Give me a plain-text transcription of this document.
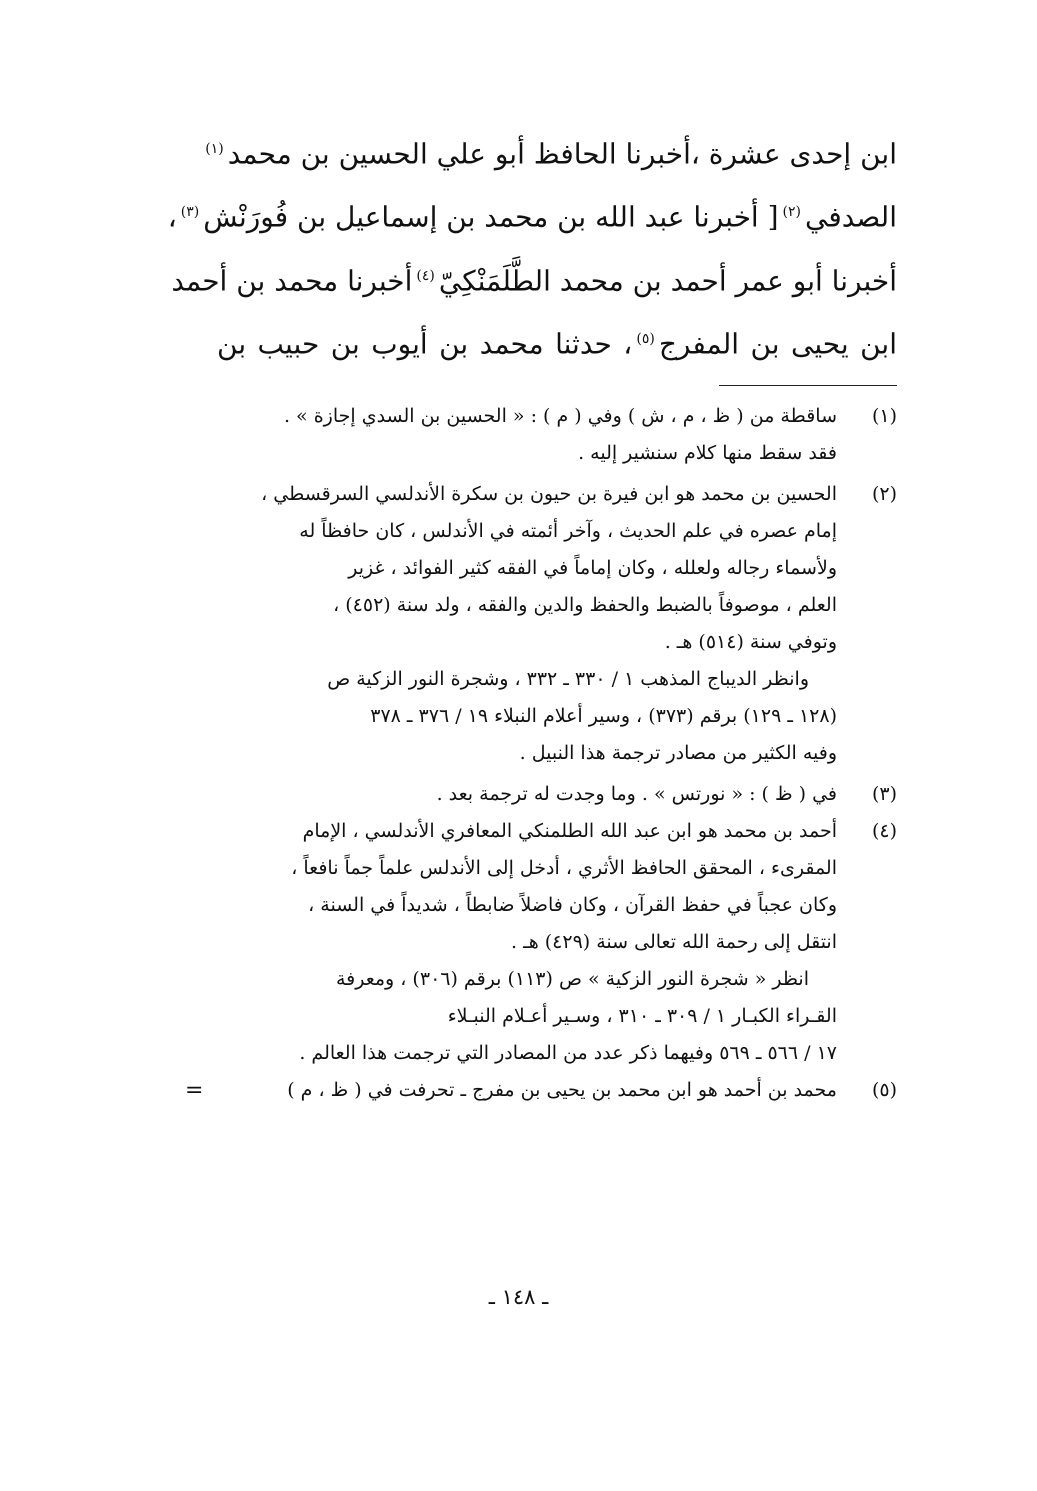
ابن إحدى عشرة ،أخبرنا الحافظ أبو علي الحسين بن محمد$^{(١)}$
الصدفي$^{(٢)}$[ أخبرنا عبد الله بن محمد بن إسماعيل بن فُورَنْش$^{(٣)}$،
أخبرنا أبو عمر أحمد بن محمد الطَّلَمَنْكِيّ$^{(٤)}$أخبرنا محمد بن أحمد
ابن يحيى بن المفرج$^{(٥)}$، حدثنا محمد بن أيوب بن حبيب بن
(١)
ساقطة من ( ظ ، م ، ش ) وفي ( م ) : « الحسين بن السدي إجازة » .
فقد سقط منها كلام سنشير إليه .
(٢)
الحسين بن محمد هو ابن فيرة بن حيون بن سكرة الأندلسي السرقسطي ،
إمام عصره في علم الحديث ، وآخر أئمته في الأندلس ، كان حافظاً له
ولأسماء رجاله ولعلله ، وكان إماماً في الفقه كثير الفوائد ، غزير
العلم ، موصوفاً بالضبط والحفظ والدين والفقه ، ولد سنة (٤٥٢) ،
وتوفي سنة (٥١٤) هـ .
وانظر الديباج المذهب ١ / ٣٣٠ ـ ٣٣٢ ، وشجرة النور الزكية ص
(١٢٨ ـ ١٢٩) برقم (٣٧٣) ، وسير أعلام النبلاء ١٩ / ٣٧٦ ـ ٣٧٨
وفيه الكثير من مصادر ترجمة هذا النبيل .
(٣)
في ( ظ ) : « نورتس » . وما وجدت له ترجمة بعد .
(٤)
أحمد بن محمد هو ابن عبد الله الطلمنكي المعافري الأندلسي ، الإمام
المقرىء ، المحقق الحافظ الأثري ، أدخل إلى الأندلس علماً جماً نافعاً ،
وكان عجباً في حفظ القرآن ، وكان فاضلاً ضابطاً ، شديداً في السنة ،
انتقل إلى رحمة الله تعالى سنة (٤٢٩) هـ .
انظر « شجرة النور الزكية » ص (١١٣) برقم (٣٠٦) ، ومعرفة
القـراء الكبـار ١ / ٣٠٩ ـ ٣١٠ ، وسـير أعـلام النبـلاء
١٧ / ٥٦٦ ـ ٥٦٩ وفيهما ذكر عدد من المصادر التي ترجمت هذا العالم .
(٥)
محمد بن أحمد هو ابن محمد بن يحيى بن مفرج ـ تحرفت في ( ظ ، م )
=
ـ ١٤٨ ـ
